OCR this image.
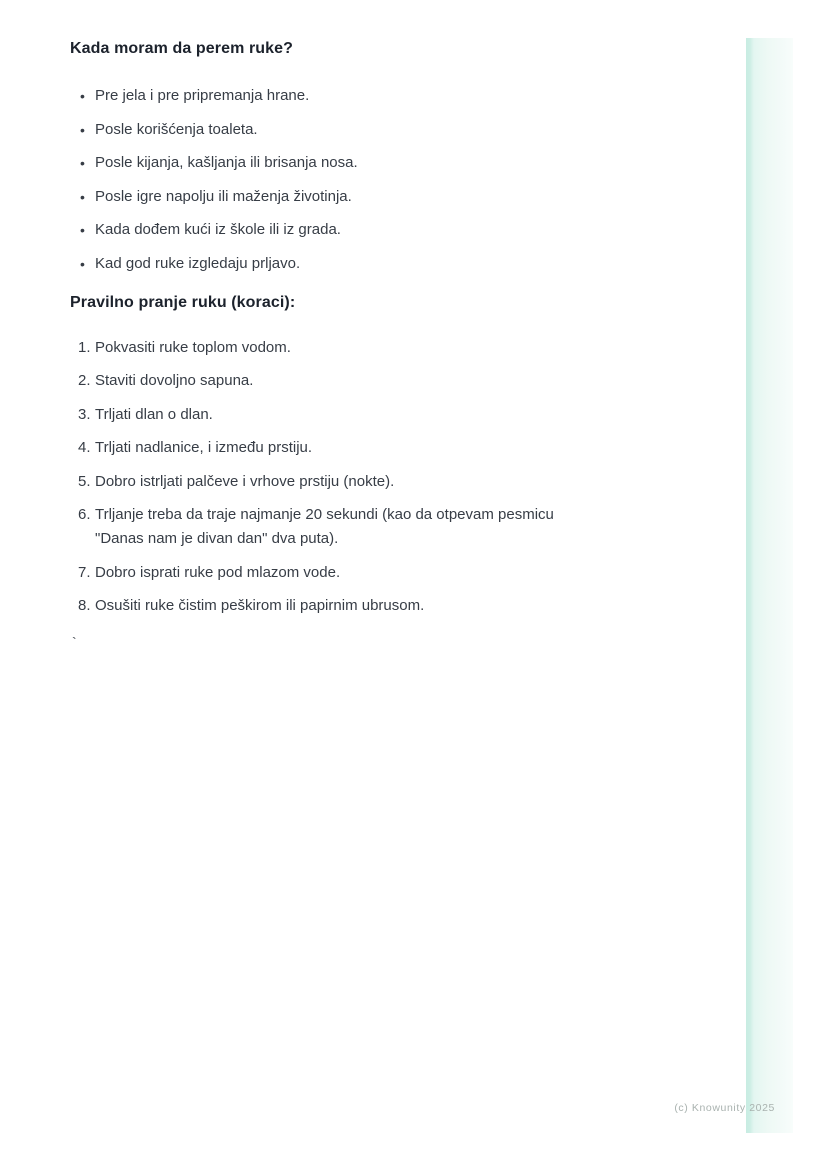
Kada moram da perem ruke?
• Pre jela i pre pripremanja hrane.
• Posle korišćenja toaleta.
• Posle kijanja, kašljanja ili brisanja nosa.
• Posle igre napolju ili maženja životinja.
• Kada dođem kući iz škole ili iz grada.
• Kad god ruke izgledaju prljavo.
Pravilno pranje ruku (koraci):
1. Pokvasiti ruke toplom vodom.
2. Staviti dovoljno sapuna.
3. Trljati dlan o dlan.
4. Trljati nadlanice, i između prstiju.
5. Dobro istrljati palčeve i vrhove prstiju (nokte).
6. Trljanje treba da traje najmanje 20 sekundi (kao da otpevam pesmicu
"Danas nam je divan dan" dva puta).
7. Dobro isprati ruke pod mlazom vode.
8. Osušiti ruke čistim peškirom ili papirnim ubrusom.
`
(c) Knowunity 2025
